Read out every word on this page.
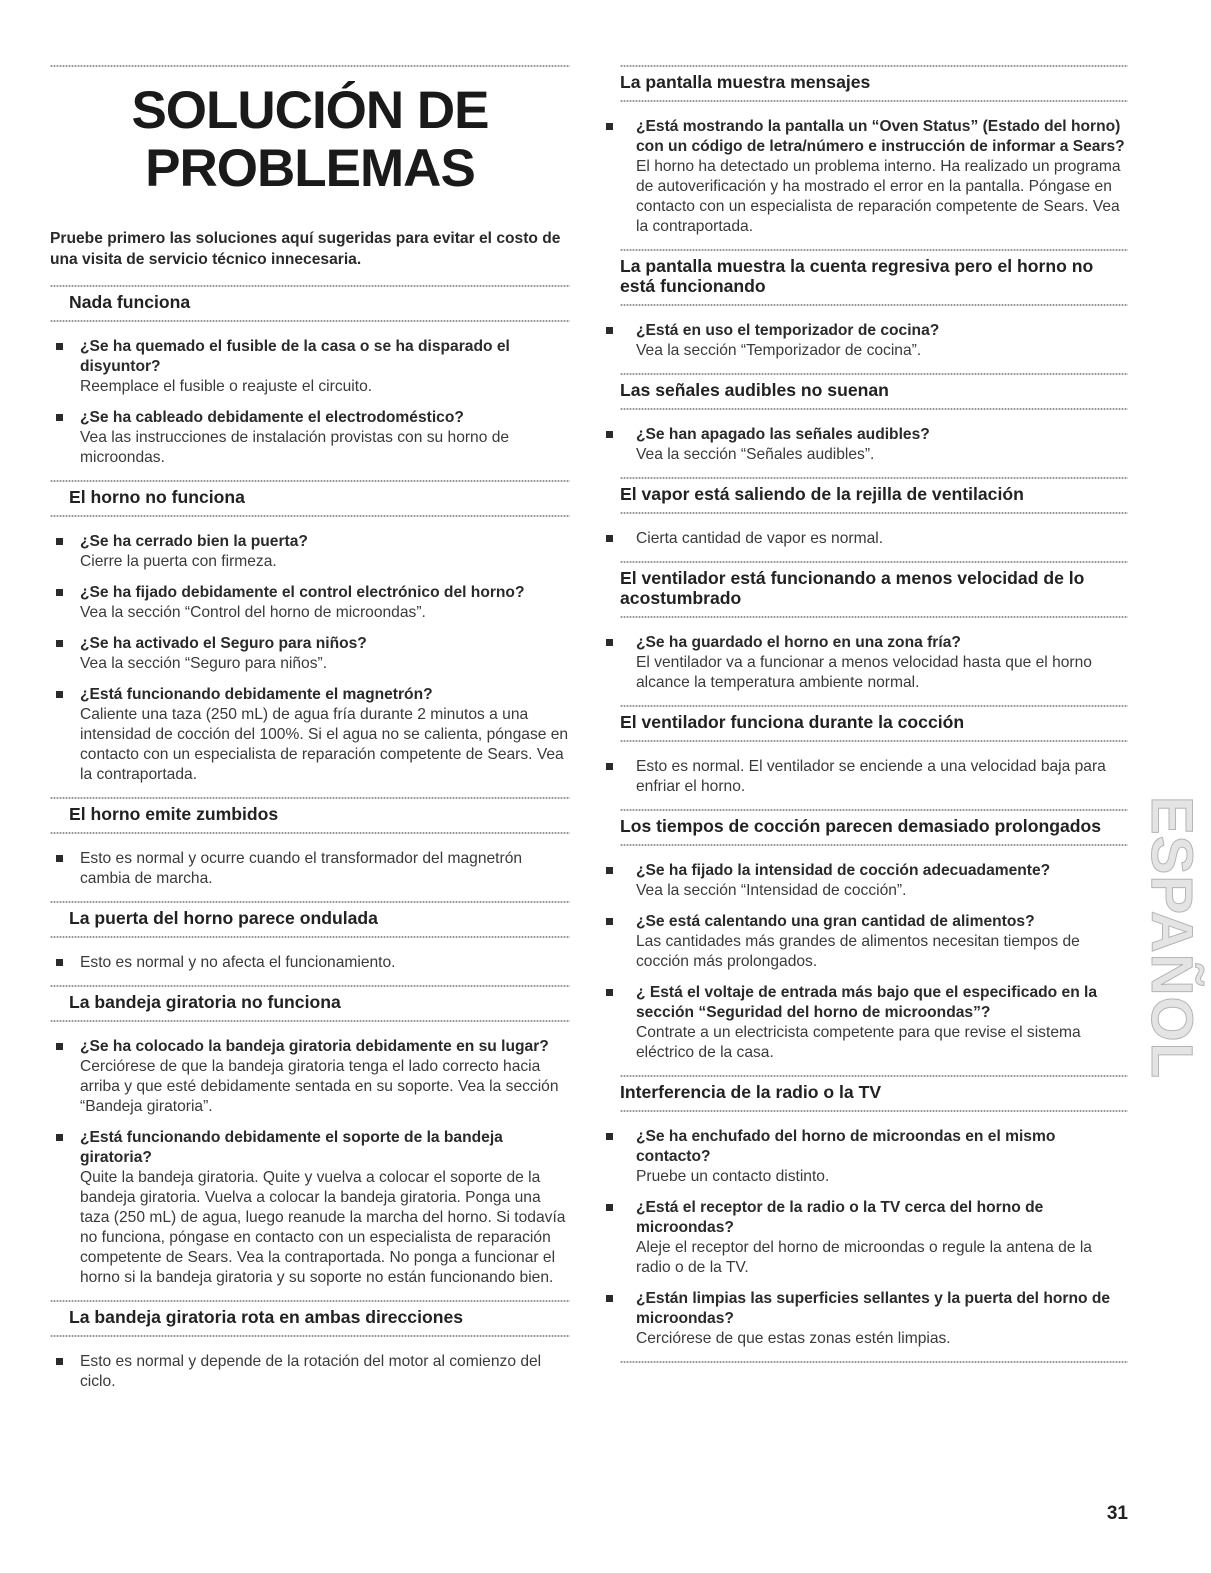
SOLUCIÓN DE
PROBLEMAS
Pruebe primero las soluciones aquí sugeridas para evitar el costo de una visita de servicio técnico innecesaria.
Nada funciona
¿Se ha quemado el fusible de la casa o se ha disparado el disyuntor?
Reemplace el fusible o reajuste el circuito.
¿Se ha cableado debidamente el electrodoméstico?
Vea las instrucciones de instalación provistas con su horno de microondas.
El horno no funciona
¿Se ha cerrado bien la puerta?
Cierre la puerta con firmeza.
¿Se ha fijado debidamente el control electrónico del horno?
Vea la sección “Control del horno de microondas”.
¿Se ha activado el Seguro para niños?
Vea la sección “Seguro para niños”.
¿Está funcionando debidamente el magnetrón?
Caliente una taza (250 mL) de agua fría durante 2 minutos a una intensidad de cocción del 100%. Si el agua no se calienta, póngase en contacto con un especialista de reparación competente de Sears. Vea la contraportada.
El horno emite zumbidos
Esto es normal y ocurre cuando el transformador del magnetrón cambia de marcha.
La puerta del horno parece ondulada
Esto es normal y no afecta el funcionamiento.
La bandeja giratoria no funciona
¿Se ha colocado la bandeja giratoria debidamente en su lugar?
Cerciórese de que la bandeja giratoria tenga el lado correcto hacia arriba y que esté debidamente sentada en su soporte. Vea la sección “Bandeja giratoria”.
¿Está funcionando debidamente el soporte de la bandeja giratoria?
Quite la bandeja giratoria. Quite y vuelva a colocar el soporte de la bandeja giratoria. Vuelva a colocar la bandeja giratoria. Ponga una taza (250 mL) de agua, luego reanude la marcha del horno. Si todavía no funciona, póngase en contacto con un especialista de reparación competente de Sears. Vea la contraportada. No ponga a funcionar el horno si la bandeja giratoria y su soporte no están funcionando bien.
La bandeja giratoria rota en ambas direcciones
Esto es normal y depende de la rotación del motor al comienzo del ciclo.
La pantalla muestra mensajes
¿Está mostrando la pantalla un “Oven Status” (Estado del horno) con un código de letra/número e instrucción de informar a Sears?
El horno ha detectado un problema interno. Ha realizado un programa de autoverificación y ha mostrado el error en la pantalla. Póngase en contacto con un especialista de reparación competente de Sears. Vea la contraportada.
La pantalla muestra la cuenta regresiva pero el horno no está funcionando
¿Está en uso el temporizador de cocina?
Vea la sección “Temporizador de cocina”.
Las señales audibles no suenan
¿Se han apagado las señales audibles?
Vea la sección “Señales audibles”.
El vapor está saliendo de la rejilla de ventilación
Cierta cantidad de vapor es normal.
El ventilador está funcionando a menos velocidad de lo acostumbrado
¿Se ha guardado el horno en una zona fría?
El ventilador va a funcionar a menos velocidad hasta que el horno alcance la temperatura ambiente normal.
El ventilador funciona durante la cocción
Esto es normal. El ventilador se enciende a una velocidad baja para enfriar el horno.
Los tiempos de cocción parecen demasiado prolongados
¿Se ha fijado la intensidad de cocción adecuadamente?
Vea la sección “Intensidad de cocción”.
¿Se está calentando una gran cantidad de alimentos?
Las cantidades más grandes de alimentos necesitan tiempos de cocción más prolongados.
¿ Está el voltaje de entrada más bajo que el especificado en la sección “Seguridad del horno de microondas”?
Contrate a un electricista competente para que revise el sistema eléctrico de la casa.
Interferencia de la radio o la TV
¿Se ha enchufado del horno de microondas en el mismo contacto?
Pruebe un contacto distinto.
¿Está el receptor de la radio o la TV cerca del horno de microondas?
Aleje el receptor del horno de microondas o regule la antena de la radio o de la TV.
¿Están limpias las superficies sellantes y la puerta del horno de microondas?
Cerciórese de que estas zonas estén limpias.
ESPAÑOL
31
